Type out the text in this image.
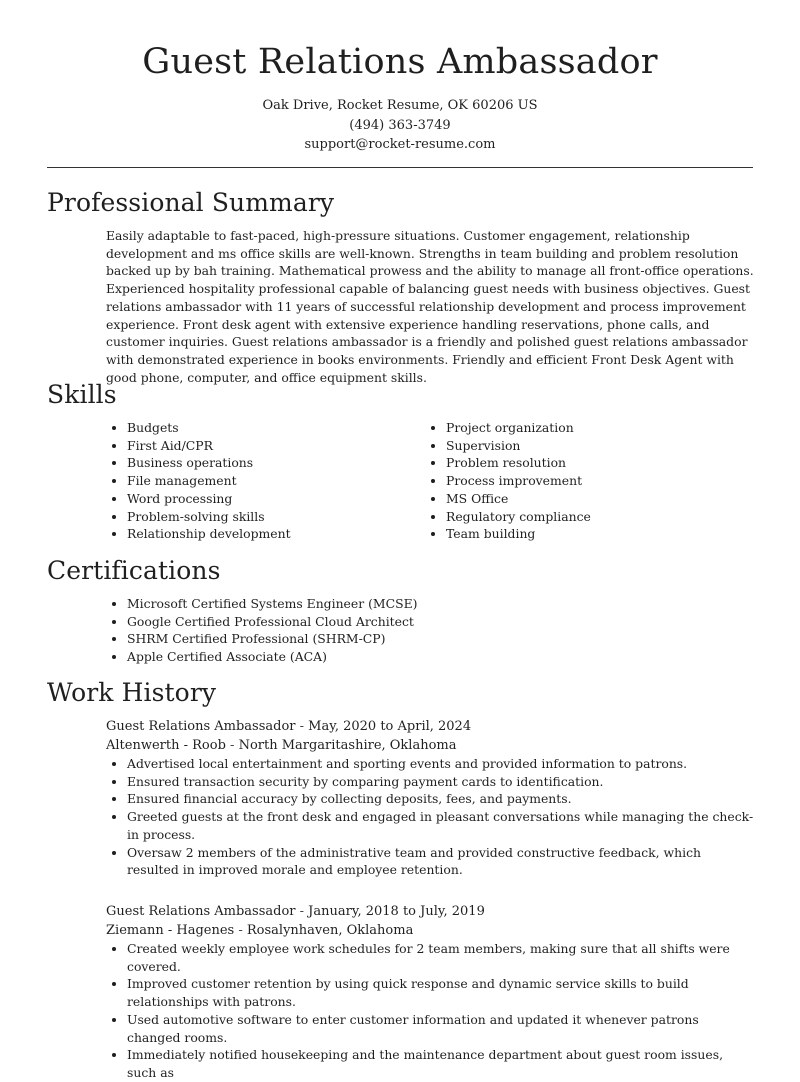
Guest Relations Ambassador
Oak Drive, Rocket Resume, OK 60206 US
(494) 363-3749
support@rocket-resume.com
Professional Summary

Easily adaptable to fast-paced, high-pressure situations. Customer engagement, relationship development and ms office skills are well-known. Strengths in team building and problem resolution backed up by bah training. Mathematical prowess and the ability to manage all front-office operations. Experienced hospitality professional capable of balancing guest needs with business objectives. Guest relations ambassador with 11 years of successful relationship development and process improvement experience. Front desk agent with extensive experience handling reservations, phone calls, and customer inquiries. Guest relations ambassador is a friendly and polished guest relations ambassador with demonstrated experience in books environments. Friendly and efficient Front Desk Agent with good phone, computer, and office equipment skills.

Skills
• Budgets
• First Aid/CPR
• Business operations
• File management
• Word processing
• Problem-solving skills
• Relationship development
• Project organization
• Supervision
• Problem resolution
• Process improvement
• MS Office
• Regulatory compliance
• Team building
Certifications
• Microsoft Certified Systems Engineer (MCSE)
• Google Certified Professional Cloud Architect
• SHRM Certified Professional (SHRM-CP)
• Apple Certified Associate (ACA)
Work History
Guest Relations Ambassador - May, 2020 to April, 2024
Altenwerth - Roob - North Margaritashire, Oklahoma
• Advertised local entertainment and sporting events and provided information to patrons.
• Ensured transaction security by comparing payment cards to identification.
• Ensured financial accuracy by collecting deposits, fees, and payments.
• Greeted guests at the front desk and engaged in pleasant conversations while managing the check-in process.
• Oversaw 2 members of the administrative team and provided constructive feedback, which resulted in improved morale and employee retention.
Guest Relations Ambassador - January, 2018 to July, 2019
Ziemann - Hagenes - Rosalynhaven, Oklahoma
• Created weekly employee work schedules for 2 team members, making sure that all shifts were covered.
• Improved customer retention by using quick response and dynamic service skills to build relationships with patrons.
• Used automotive software to enter customer information and updated it whenever patrons changed rooms.
• Immediately notified housekeeping and the maintenance department about guest room issues, such as
